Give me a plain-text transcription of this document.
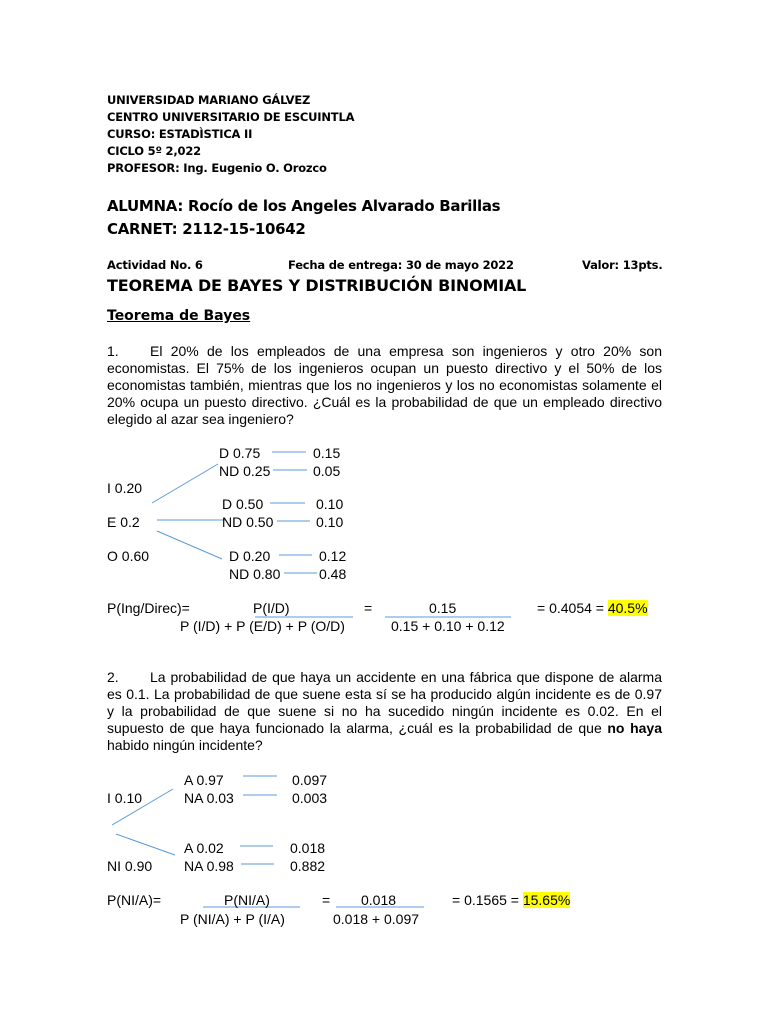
UNIVERSIDAD MARIANO GÁLVEZ
CENTRO UNIVERSITARIO DE ESCUINTLA
CURSO: ESTADÌSTICA II
CICLO 5º 2,022
PROFESOR: Ing. Eugenio O. Orozco
ALUMNA: Rocío de los Angeles Alvarado Barillas
CARNET: 2112-15-10642
Actividad No. 6	Fecha de entrega: 30 de mayo 2022	Valor: 13pts.
TEOREMA DE BAYES Y DISTRIBUCIÓN BINOMIAL
Teorema de Bayes
1. El 20% de los empleados de una empresa son ingenieros y otro 20% son economistas. El 75% de los ingenieros ocupan un puesto directivo y el 50% de los economistas también, mientras que los no ingenieros y los no economistas solamente el 20% ocupa un puesto directivo. ¿Cuál es la probabilidad de que un empleado directivo elegido al azar sea ingeniero?
D 0.75
ND 0.25
0.15
0.05
I 0.20
D 0.50
ND 0.50
0.10
0.10
E 0.2
O 0.60	D 0.20
ND 0.80
0.12
0.48
P(Ing/Direc)=	P(I/D)
P (I/D) + P (E/D) + P (O/D)
=	0.15
0.15 + 0.10 + 0.12
= 0.4054 = 40.5%
2. La probabilidad de que haya un accidente en una fábrica que dispone de alarma es 0.1. La probabilidad de que suene esta sí se ha producido algún incidente es de 0.97 y la probabilidad de que suene si no ha sucedido ningún incidente es 0.02. En el supuesto de que haya funcionado la alarma, ¿cuál es la probabilidad de que no haya habido ningún incidente?
A 0.97
NA 0.03
0.097
0.003
I 0.10
A 0.02
NA 0.98
0.018
0.882
NI 0.90
P(NI/A)=	P(NI/A)
P (NI/A) + P (I/A)
= 0.018
0.018 + 0.097
= 0.1565 = 15.65%
